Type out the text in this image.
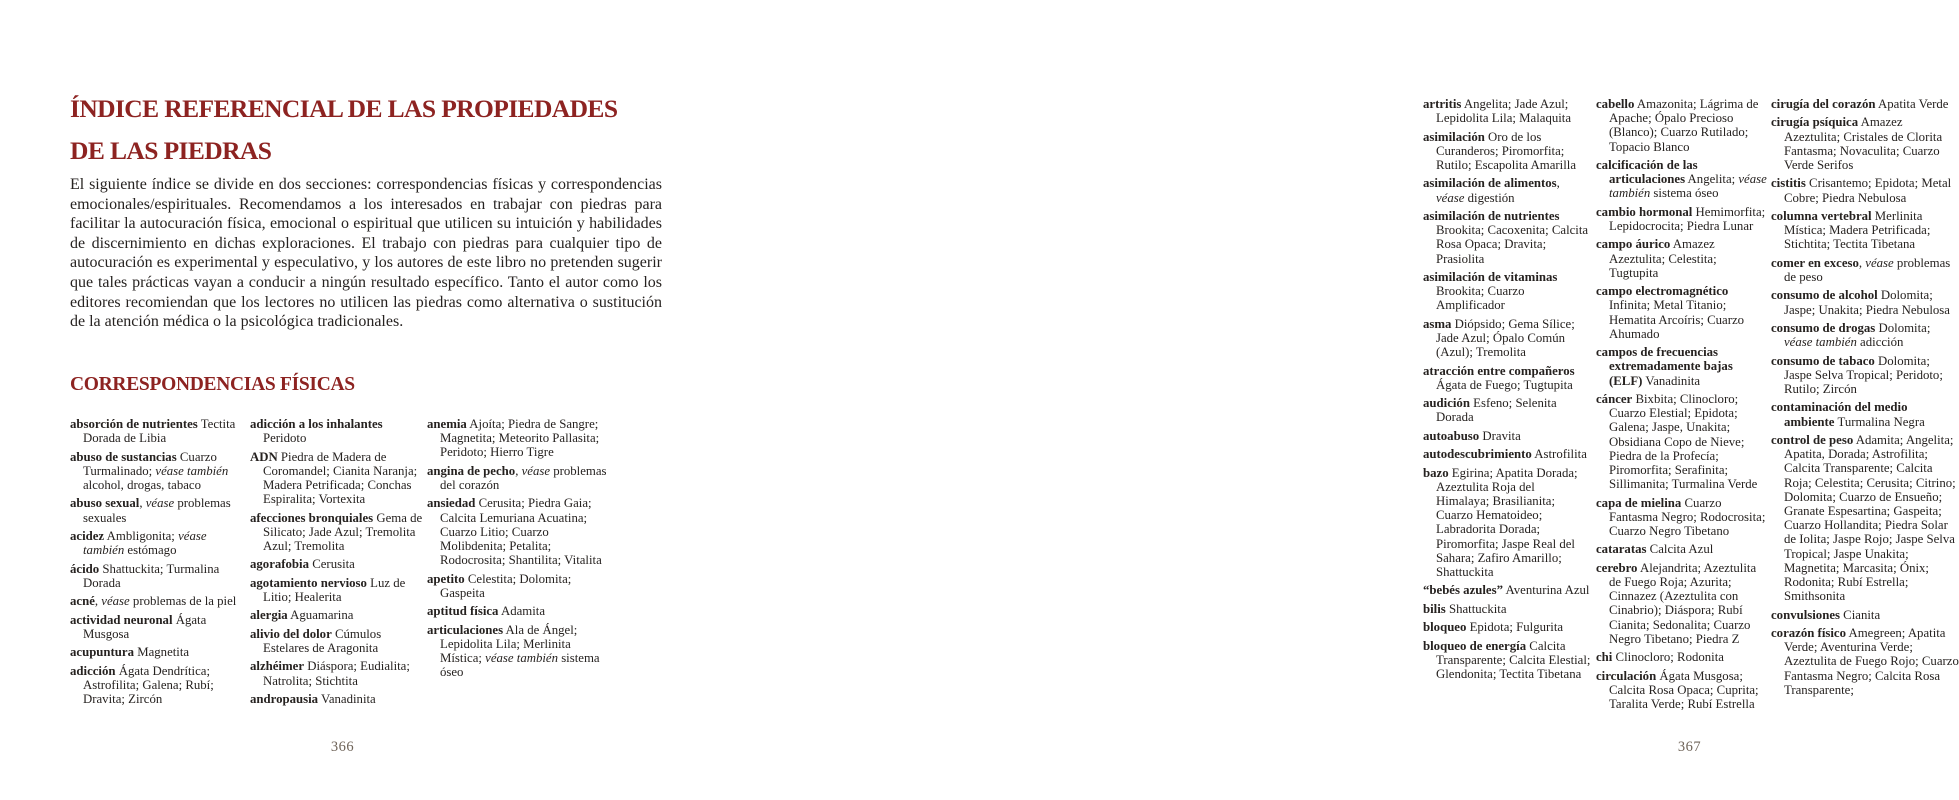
ÍNDICE REFERENCIAL DE LAS PROPIEDADES
DE LAS PIEDRAS

El siguiente índice se divide en dos secciones: correspondencias físicas y correspondencias emocionales/espirituales. Recomendamos a los interesados en trabajar con piedras para facilitar la autocuración física, emocional o espiritual que utilicen su intuición y habilidades de discernimiento en dichas exploraciones. El trabajo con piedras para cualquier tipo de autocuración es experimental y especulativo, y los autores de este libro no pretenden sugerir que tales prácticas vayan a conducir a ningún resultado específico. Tanto el autor como los editores recomiendan que los lectores no utilicen las piedras como alternativa o sustitución de la atención médica o la psicológica tradicionales.

CORRESPONDENCIAS FÍSICAS
absorción de nutrientes Tectita Dorada de Libia
abuso de sustancias Cuarzo Turmalinado; véase también alcohol, drogas, tabaco
abuso sexual, véase problemas sexuales
acidez Ambligonita; véase también estómago
ácido Shattuckita; Turmalina Dorada
acné, véase problemas de la piel
actividad neuronal Ágata Musgosa
acupuntura Magnetita
adicción Ágata Dendrítica; Astrofilita; Galena; Rubí; Dravita; Zircón
adicción a los inhalantes Peridoto
ADN Piedra de Madera de Coromandel; Cianita Naranja; Madera Petrificada; Conchas Espiralita; Vortexita
afecciones bronquiales Gema de Silicato; Jade Azul; Tremolita Azul; Tremolita
agorafobia Cerusita
agotamiento nervioso Luz de Litio; Healerita
alergia Aguamarina
alivio del dolor Cúmulos Estelares de Aragonita
alzhéimer Diáspora; Eudialita; Natrolita; Stichtita
andropausia Vanadinita
anemia Ajoíta; Piedra de Sangre; Magnetita; Meteorito Pallasita; Peridoto; Hierro Tigre
angina de pecho, véase problemas del corazón
ansiedad Cerusita; Piedra Gaia; Calcita Lemuriana Acuatina; Cuarzo Litio; Cuarzo Molibdenita; Petalita; Rodocrosita; Shantilita; Vitalita
apetito Celestita; Dolomita; Gaspeita
aptitud física Adamita
articulaciones Ala de Ángel; Lepidolita Lila; Merlinita Mística; véase también sistema óseo
366
artritis Angelita; Jade Azul; Lepidolita Lila; Malaquita
asimilación Oro de los Curanderos; Piromorfita; Rutilo; Escapolita Amarilla
asimilación de alimentos, véase digestión
asimilación de nutrientes Brookita; Cacoxenita; Calcita Rosa Opaca; Dravita; Prasiolita
asimilación de vitaminas Brookita; Cuarzo Amplificador
asma Diópsido; Gema Sílice; Jade Azul; Ópalo Común (Azul); Tremolita
atracción entre compañeros Ágata de Fuego; Tugtupita
audición Esfeno; Selenita Dorada
autoabuso Dravita
autodescubrimiento Astrofilita
bazo Egirina; Apatita Dorada; Azeztulita Roja del Himalaya; Brasilianita; Cuarzo Hematoideo; Labradorita Dorada; Piromorfita; Jaspe Real del Sahara; Zafiro Amarillo; Shattuckita
“bebés azules” Aventurina Azul
bilis Shattuckita
bloqueo Epidota; Fulgurita
bloqueo de energía Calcita Transparente; Calcita Elestial; Glendonita; Tectita Tibetana
cabello Amazonita; Lágrima de Apache; Ópalo Precioso (Blanco); Cuarzo Rutilado; Topacio Blanco
calcificación de las articulaciones Angelita; véase también sistema óseo
cambio hormonal Hemimorfita; Lepidocrocita; Piedra Lunar
campo áurico Amazez Azeztulita; Celestita; Tugtupita
campo electromagnético Infinita; Metal Titanio; Hematita Arcoíris; Cuarzo Ahumado
campos de frecuencias extremadamente bajas (ELF) Vanadinita
cáncer Bixbita; Clinocloro; Cuarzo Elestial; Epidota; Galena; Jaspe, Unakita; Obsidiana Copo de Nieve; Piedra de la Profecía; Piromorfita; Serafinita; Sillimanita; Turmalina Verde
capa de mielina Cuarzo Fantasma Negro; Rodocrosita; Cuarzo Negro Tibetano
cataratas Calcita Azul
cerebro Alejandrita; Azeztulita de Fuego Roja; Azurita; Cinnazez (Azeztulita con Cinabrio); Diáspora; Rubí Cianita; Sedonalita; Cuarzo Negro Tibetano; Piedra Z
chi Clinocloro; Rodonita
circulación Ágata Musgosa; Calcita Rosa Opaca; Cuprita; Taralita Verde; Rubí Estrella
cirugía del corazón Apatita Verde
cirugía psíquica Amazez Azeztulita; Cristales de Clorita Fantasma; Novaculita; Cuarzo Verde Serifos
cistitis Crisantemo; Epidota; Metal Cobre; Piedra Nebulosa
columna vertebral Merlinita Mística; Madera Petrificada; Stichtita; Tectita Tibetana
comer en exceso, véase problemas de peso
consumo de alcohol Dolomita; Jaspe; Unakita; Piedra Nebulosa
consumo de drogas Dolomita; véase también adicción
consumo de tabaco Dolomita; Jaspe Selva Tropical; Peridoto; Rutilo; Zircón
contaminación del medio ambiente Turmalina Negra
control de peso Adamita; Angelita; Apatita, Dorada; Astrofilita; Calcita Transparente; Calcita Roja; Celestita; Cerusita; Citrino; Dolomita; Cuarzo de Ensueño; Granate Espesartina; Gaspeita; Cuarzo Hollandita; Piedra Solar de Iolita; Jaspe Rojo; Jaspe Selva Tropical; Jaspe Unakita; Magnetita; Marcasita; Ónix; Rodonita; Rubí Estrella; Smithsonita
convulsiones Cianita
corazón físico Amegreen; Apatita Verde; Aventurina Verde; Azeztulita de Fuego Rojo; Cuarzo Fantasma Negro; Calcita Rosa Transparente;
367
